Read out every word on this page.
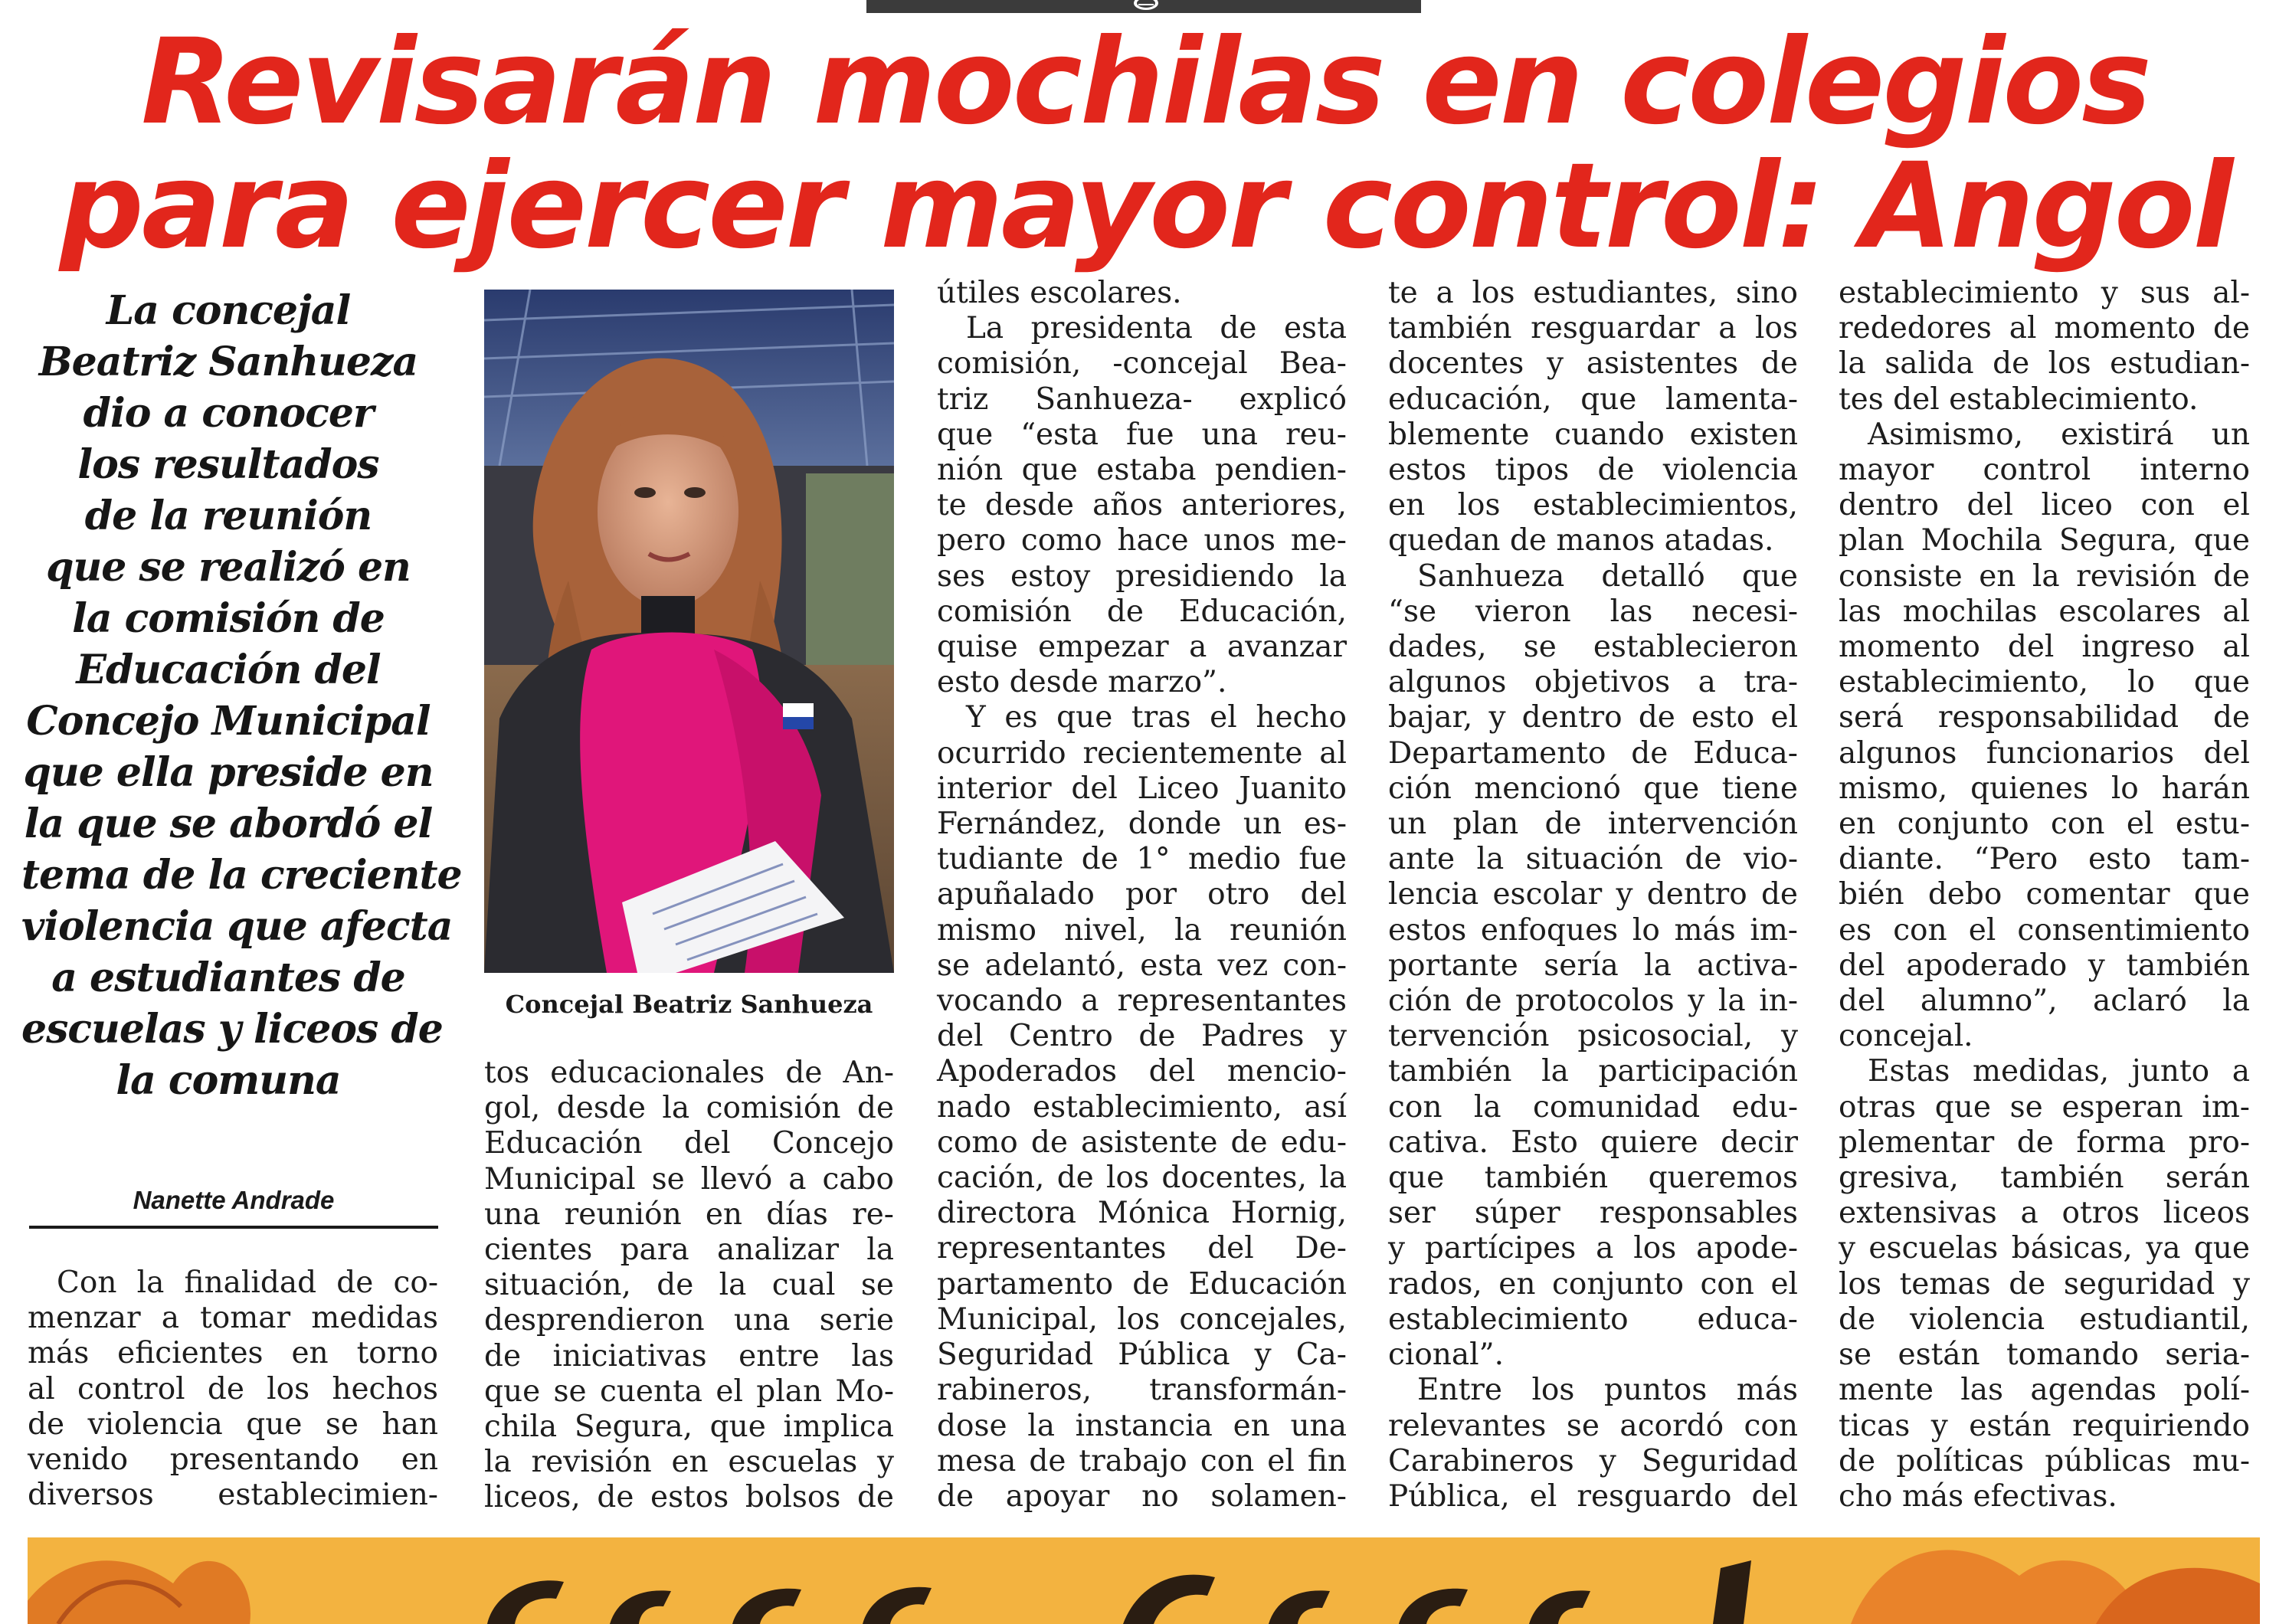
Revisarán mochilas en colegios
para ejercer mayor control: Angol
La concejal
Beatriz Sanhueza
dio a conocer
los resultados
de la reunión
que se realizó en
la comisión de
Educación del
Concejo Municipal
que ella preside en
la que se abordó el
tema de la creciente
violencia que afecta
a estudiantes de
escuelas y liceos de
la comuna
Nanette Andrade
Con la finalidad de co-
menzar a tomar medidas
más eficientes en torno
al control de los hechos
de violencia que se han
venido presentando en
diversos establecimien-
Concejal Beatriz Sanhueza
tos educacionales de An-
gol, desde la comisión de
Educación del Concejo
Municipal se llevó a cabo
una reunión en días re-
cientes para analizar la
situación, de la cual se
desprendieron una serie
de iniciativas entre las
que se cuenta el plan Mo-
chila Segura, que implica
la revisión en escuelas y
liceos, de estos bolsos de
útiles escolares.
La presidenta de esta
comisión, -concejal Bea-
triz Sanhueza- explicó
que “esta fue una reu-
nión que estaba pendien-
te desde años anteriores,
pero como hace unos me-
ses estoy presidiendo la
comisión de Educación,
quise empezar a avanzar
esto desde marzo”.
Y es que tras el hecho
ocurrido recientemente al
interior del Liceo Juanito
Fernández, donde un es-
tudiante de 1° medio fue
apuñalado por otro del
mismo nivel, la reunión
se adelantó, esta vez con-
vocando a representantes
del Centro de Padres y
Apoderados del mencio-
nado establecimiento, así
como de asistente de edu-
cación, de los docentes, la
directora Mónica Hornig,
representantes del De-
partamento de Educación
Municipal, los concejales,
Seguridad Pública y Ca-
rabineros, transformán-
dose la instancia en una
mesa de trabajo con el fin
de apoyar no solamen-
te a los estudiantes, sino
también resguardar a los
docentes y asistentes de
educación, que lamenta-
blemente cuando existen
estos tipos de violencia
en los establecimientos,
quedan de manos atadas.
Sanhueza detalló que
“se vieron las necesi-
dades, se establecieron
algunos objetivos a tra-
bajar, y dentro de esto el
Departamento de Educa-
ción mencionó que tiene
un plan de intervención
ante la situación de vio-
lencia escolar y dentro de
estos enfoques lo más im-
portante sería la activa-
ción de protocolos y la in-
tervención psicosocial, y
también la participación
con la comunidad edu-
cativa. Esto quiere decir
que también queremos
ser súper responsables
y partícipes a los apode-
rados, en conjunto con el
establecimiento educa-
cional”.
Entre los puntos más
relevantes se acordó con
Carabineros y Seguridad
Pública, el resguardo del
establecimiento y sus al-
rededores al momento de
la salida de los estudian-
tes del establecimiento.
Asimismo, existirá un
mayor control interno
dentro del liceo con el
plan Mochila Segura, que
consiste en la revisión de
las mochilas escolares al
momento del ingreso al
establecimiento, lo que
será responsabilidad de
algunos funcionarios del
mismo, quienes lo harán
en conjunto con el estu-
diante. “Pero esto tam-
bién debo comentar que
es con el consentimiento
del apoderado y también
del alumno”, aclaró la
concejal.
Estas medidas, junto a
otras que se esperan im-
plementar de forma pro-
gresiva, también serán
extensivas a otros liceos
y escuelas básicas, ya que
los temas de seguridad y
de violencia estudiantil,
se están tomando seria-
mente las agendas polí-
ticas y están requiriendo
de políticas públicas mu-
cho más efectivas.
